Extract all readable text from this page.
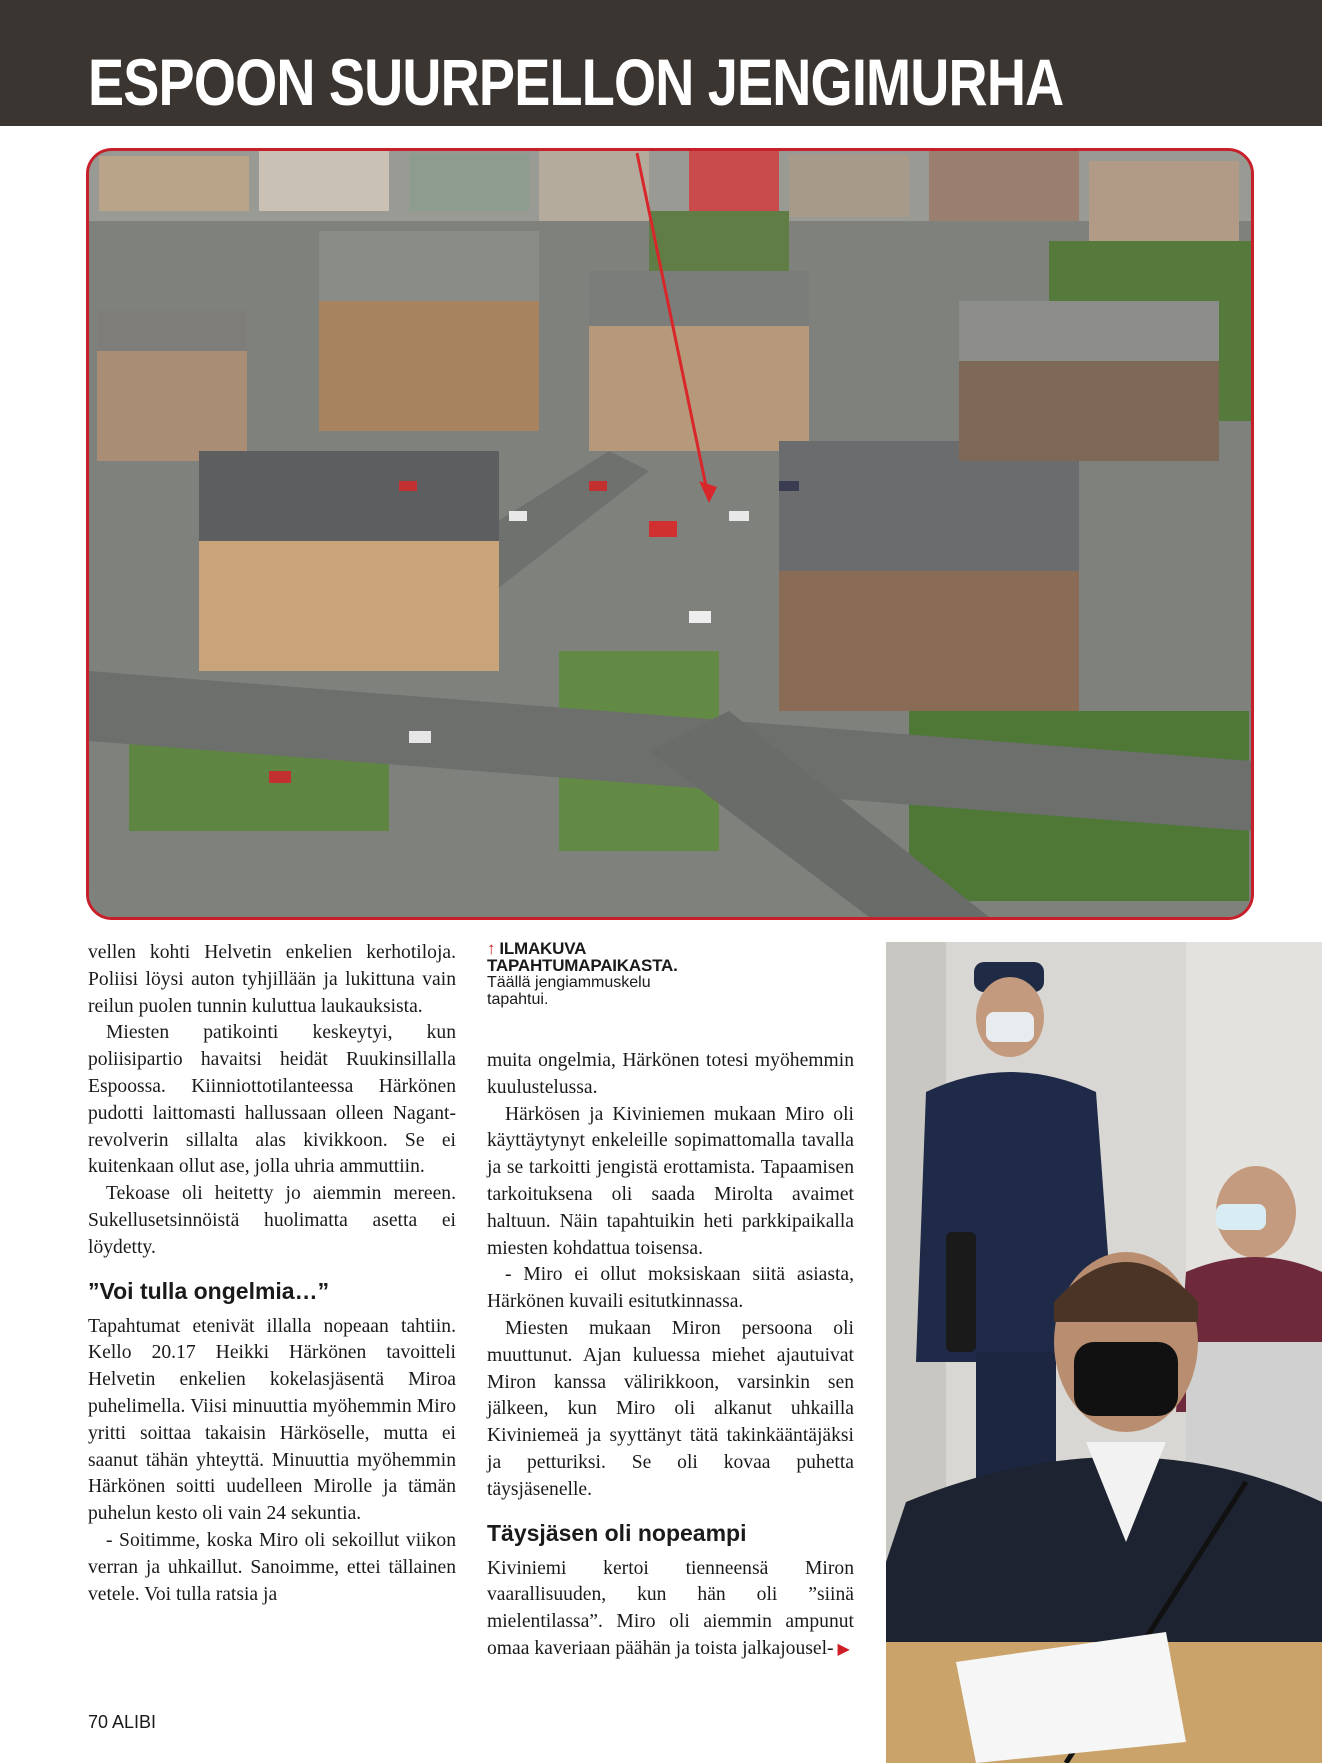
ESPOON SUURPELLON JENGIMURHA

vellen kohti Helvetin enkelien kerhotiloja. Poliisi löysi auton tyhjillään ja lukittuna vain reilun puolen tunnin kuluttua laukauksista.

Miesten patikointi keskeytyi, kun poliisipartio havaitsi heidät Ruukinsillalla Espoossa. Kiinniottotilanteessa Härkönen pudotti laittomasti hallussaan olleen Nagant-revolverin sillalta alas kivikkoon. Se ei kuitenkaan ollut ase, jolla uhria ammuttiin.

Tekoase oli heitetty jo aiemmin mereen. Sukellusetsinnöistä huolimatta asetta ei löydetty.

”Voi tulla ongelmia…”

Tapahtumat etenivät illalla nopeaan tahtiin. Kello 20.17 Heikki Härkönen tavoitteli Helvetin enkelien kokelasjäsentä Miroa puhelimella. Viisi minuuttia myöhemmin Miro yritti soittaa takaisin Härköselle, mutta ei saanut tähän yhteyttä. Minuuttia myöhemmin Härkönen soitti uudelleen Mirolle ja tämän puhelun kesto oli vain 24 sekuntia.

- Soitimme, koska Miro oli sekoillut viikon verran ja uhkaillut. Sanoimme, ettei tällainen vetele. Voi tulla ratsia ja

↑ ILMAKUVA
TAPAHTUMAPAIKASTA.
Täällä jengiammuskelu tapahtui.

muita ongelmia, Härkönen totesi myöhemmin kuulustelussa.

Härkösen ja Kiviniemen mukaan Miro oli käyttäytynyt enkeleille sopimattomalla tavalla ja se tarkoitti jengistä erottamista. Tapaamisen tarkoituksena oli saada Mirolta avaimet haltuun. Näin tapahtuikin heti parkkipaikalla miesten kohdattua toisensa.

- Miro ei ollut moksiskaan siitä asiasta, Härkönen kuvaili esitutkinnassa.

Miesten mukaan Miron persoona oli muuttunut. Ajan kuluessa miehet ajautuivat Miron kanssa välirikkoon, varsinkin sen jälkeen, kun Miro oli alkanut uhkailla Kiviniemeä ja syyttänyt tätä takinkääntäjäksi ja petturiksi. Se oli kovaa puhetta täysjäsenelle.

Täysjäsen oli nopeampi

Kiviniemi kertoi tienneensä Miron vaarallisuuden, kun hän oli ”siinä mielentilassa”. Miro oli aiemmin ampunut omaa kaveriaan päähän ja toista jalkajousel- ▶

70 ALIBI
